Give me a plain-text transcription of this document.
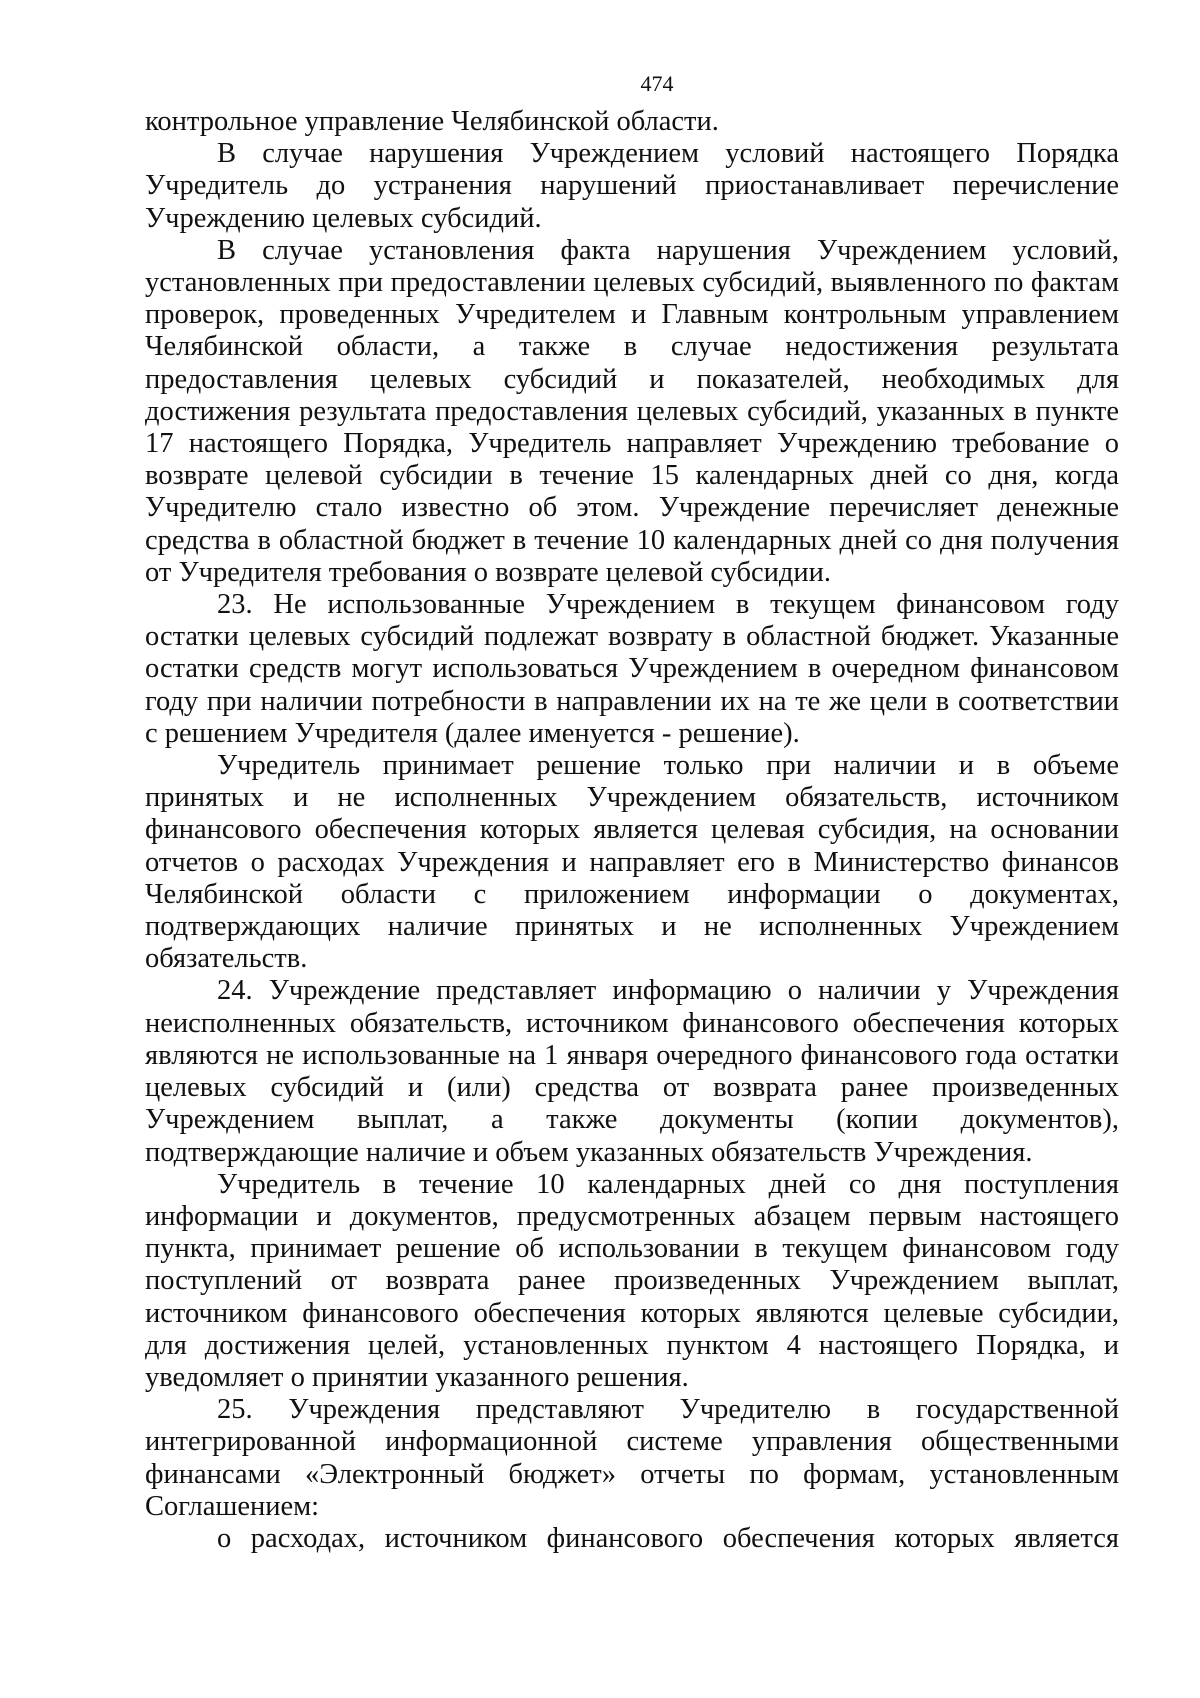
474

контрольное управление Челябинской области.

В случае нарушения Учреждением условий настоящего Порядка Учредитель до устранения нарушений приостанавливает перечисление Учреждению целевых субсидий.

В случае установления факта нарушения Учреждением условий, установленных при предоставлении целевых субсидий, выявленного по фактам проверок, проведенных Учредителем и Главным контрольным управлением Челябинской области, а также в случае недостижения результата предоставления целевых субсидий и показателей, необходимых для достижения результата предоставления целевых субсидий, указанных в пункте 17 настоящего Порядка, Учредитель направляет Учреждению требование о возврате целевой субсидии в течение 15 календарных дней со дня, когда Учредителю стало известно об этом. Учреждение перечисляет денежные средства в областной бюджет в течение 10 календарных дней со дня получения от Учредителя требования о возврате целевой субсидии.

23. Не использованные Учреждением в текущем финансовом году остатки целевых субсидий подлежат возврату в областной бюджет. Указанные остатки средств могут использоваться Учреждением в очередном финансовом году при наличии потребности в направлении их на те же цели в соответствии с решением Учредителя (далее именуется - решение).

Учредитель принимает решение только при наличии и в объеме принятых и не исполненных Учреждением обязательств, источником финансового обеспечения которых является целевая субсидия, на основании отчетов о расходах Учреждения и направляет его в Министерство финансов Челябинской области с приложением информации о документах, подтверждающих наличие принятых и не исполненных Учреждением обязательств.

24. Учреждение представляет информацию о наличии у Учреждения неисполненных обязательств, источником финансового обеспечения которых являются не использованные на 1 января очередного финансового года остатки целевых субсидий и (или) средства от возврата ранее произведенных Учреждением выплат, а также документы (копии документов), подтверждающие наличие и объем указанных обязательств Учреждения.

Учредитель в течение 10 календарных дней со дня поступления информации и документов, предусмотренных абзацем первым настоящего пункта, принимает решение об использовании в текущем финансовом году поступлений от возврата ранее произведенных Учреждением выплат, источником финансового обеспечения которых являются целевые субсидии, для достижения целей, установленных пунктом 4 настоящего Порядка, и уведомляет о принятии указанного решения.

25. Учреждения представляют Учредителю в государственной интегрированной информационной системе управления общественными финансами «Электронный бюджет» отчеты по формам, установленным Соглашением:

о расходах, источником финансового обеспечения которых является
